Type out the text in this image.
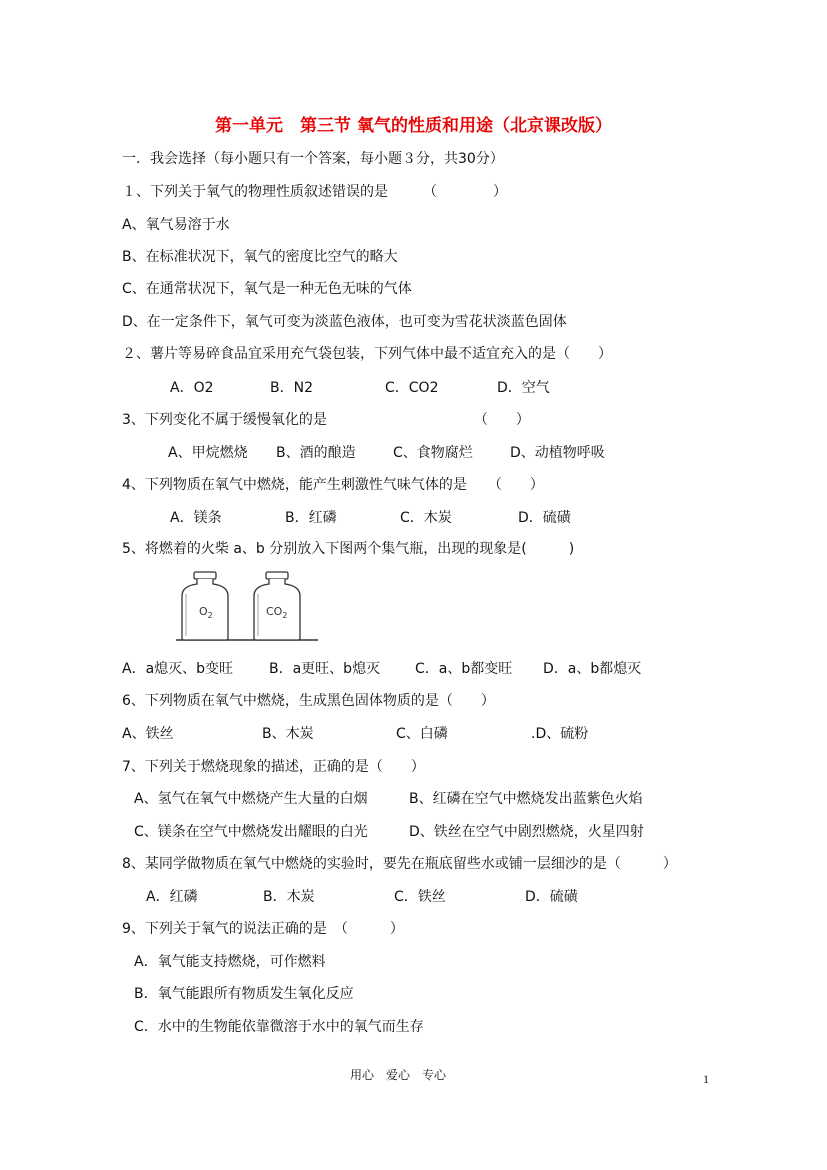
第一单元　第三节 氧气的性质和用途（北京课改版）
一．我会选择（每小题只有一个答案，每小题３分，共30分）
１、下列关于氧气的物理性质叙述错误的是　　　（　　　　）
A、氧气易溶于水
B、在标准状况下，氧气的密度比空气的略大
C、在通常状况下，氧气是一种无色无味的气体
D、在一定条件下，氧气可变为淡蓝色液体，也可变为雪花状淡蓝色固体
２、薯片等易碎食品宜采用充气袋包装，下列气体中最不适宜充入的是（　　）
A．O2	B．N2	C．CO2	D．空气
3、下列变化不属于缓慢氧化的是　　　　　　　　　　　（　　）
A、甲烷燃烧 B、酒的酿造	C、食物腐烂	D、动植物呼吸
4、下列物质在氧气中燃烧，能产生刺激性气味气体的是　　（　　）
A．镁条	B．红磷	C．木炭	D．硫磺
5、将燃着的火柴 a、b 分别放入下图两个集气瓶，出现的现象是(　　　)
$O_2$	$CO_2$
A．a熄灭、b变旺	B．a更旺、b熄灭 C．a、b都变旺 D．a、b都熄灭
6、下列物质在氧气中燃烧，生成黑色固体物质的是（　　）
A、铁丝	B、木炭	C、白磷	.D、硫粉
7、下列关于燃烧现象的描述，正确的是（　　）
A、氢气在氧气中燃烧产生大量的白烟	B、红磷在空气中燃烧发出蓝紫色火焰
C、镁条在空气中燃烧发出耀眼的白光	D、铁丝在空气中剧烈燃烧，火星四射
8、某同学做物质在氧气中燃烧的实验时，要先在瓶底留些水或铺一层细沙的是（　　　）
A．红磷	B．木炭	C．铁丝	D．硫磺
9、下列关于氧气的说法正确的是　（　　　）
A．氧气能支持燃烧，可作燃料
B．氧气能跟所有物质发生氧化反应
C．水中的生物能依靠微溶于水中的氧气而生存
用心　爱心　专心	1
